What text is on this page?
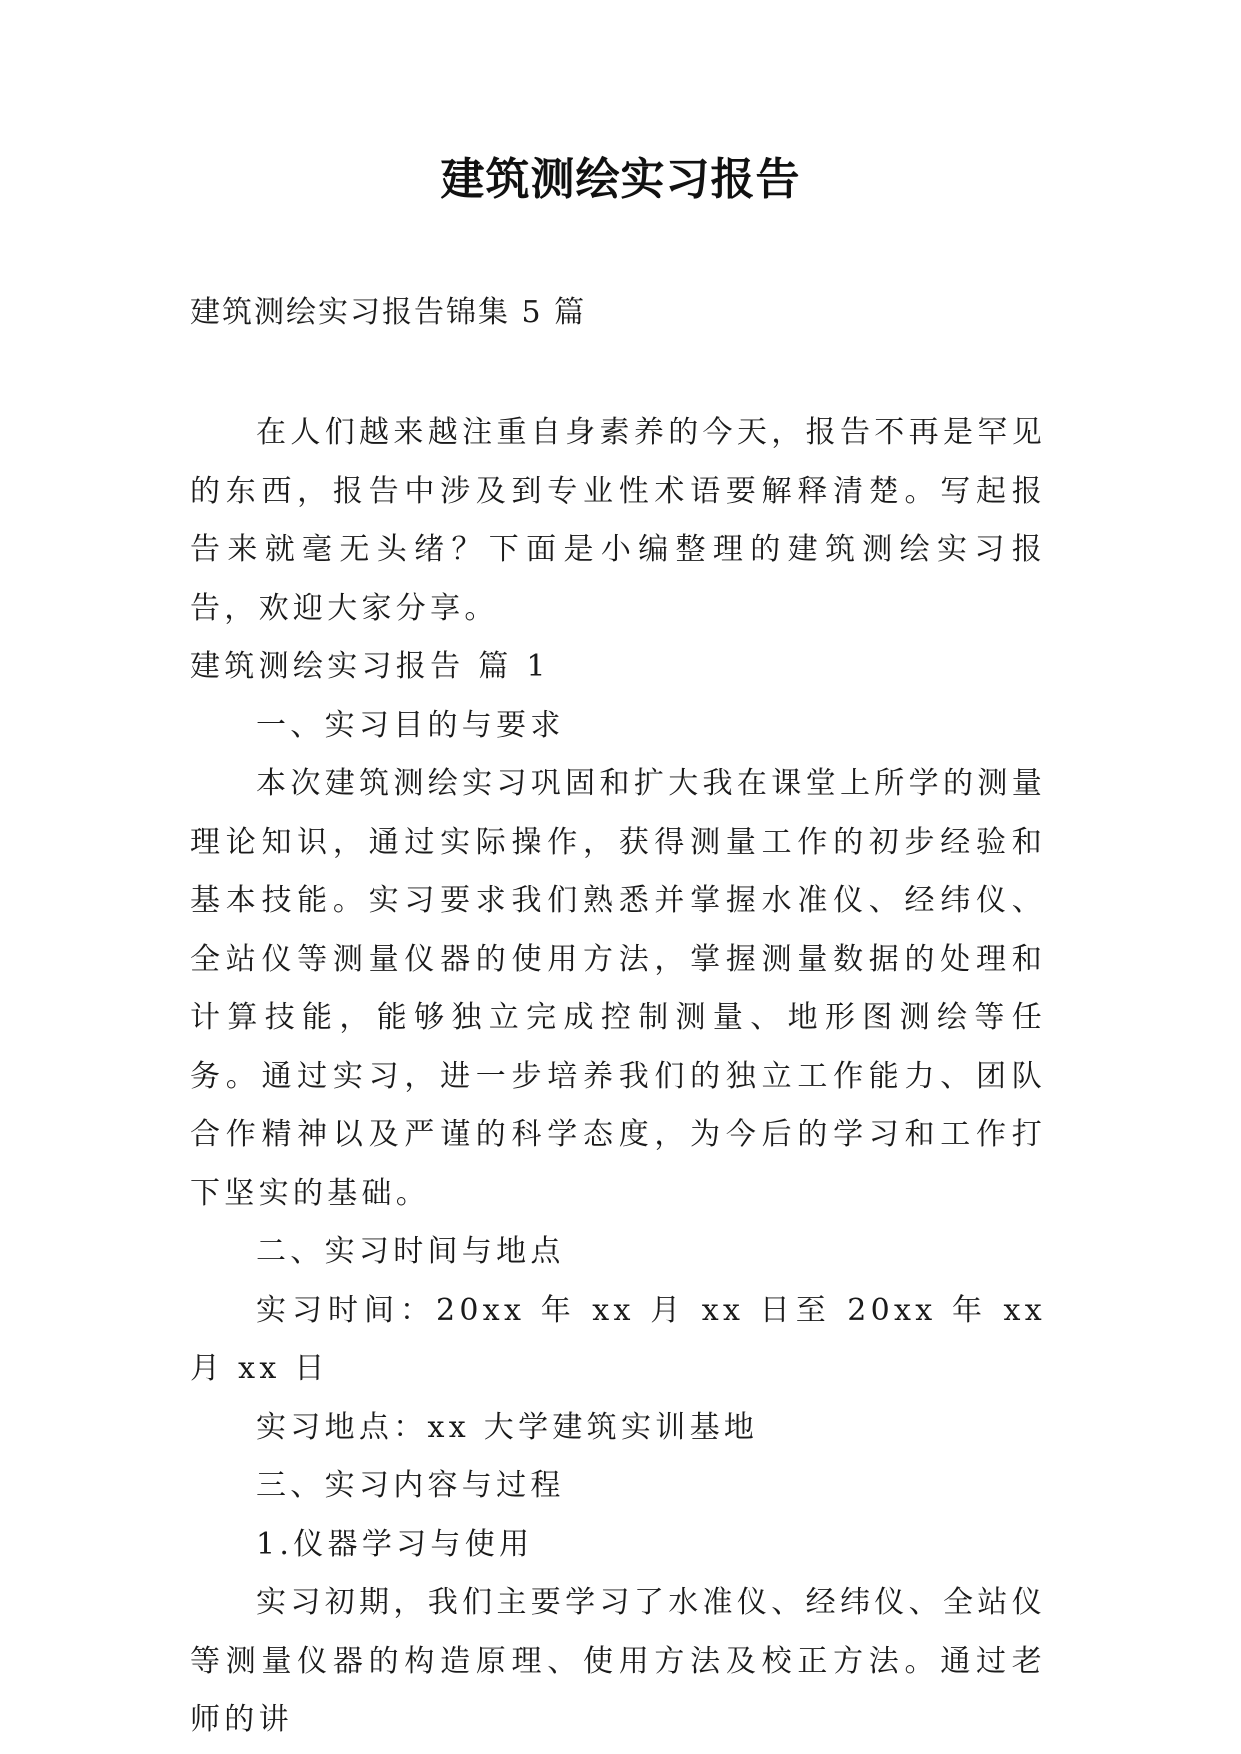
建筑测绘实习报告
建筑测绘实习报告锦集 5 篇

在人们越来越注重自身素养的今天，报告不再是罕见的东西，报告中涉及到专业性术语要解释清楚。写起报告来就毫无头绪？下面是小编整理的建筑测绘实习报告，欢迎大家分享。

建筑测绘实习报告 篇 1

一、实习目的与要求

本次建筑测绘实习巩固和扩大我在课堂上所学的测量理论知识，通过实际操作，获得测量工作的初步经验和基本技能。实习要求我们熟悉并掌握水准仪、经纬仪、全站仪等测量仪器的使用方法，掌握测量数据的处理和计算技能，能够独立完成控制测量、地形图测绘等任务。通过实习，进一步培养我们的独立工作能力、团队合作精神以及严谨的科学态度，为今后的学习和工作打下坚实的基础。

二、实习时间与地点

实习时间：20xx 年 xx 月 xx 日至 20xx 年 xx 月 xx 日

实习地点：xx 大学建筑实训基地

三、实习内容与过程

1.仪器学习与使用

实习初期，我们主要学习了水准仪、经纬仪、全站仪等测量仪器的构造原理、使用方法及校正方法。通过老师的讲
